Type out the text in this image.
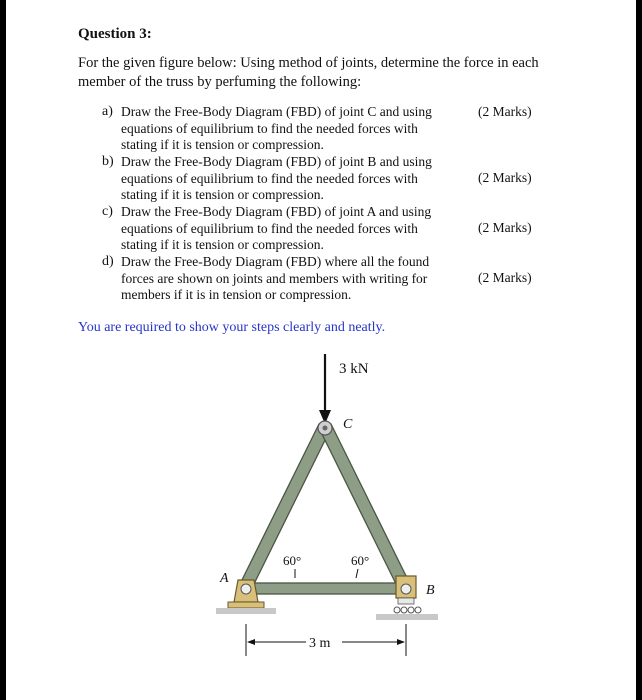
Question 3:
For the given figure below: Using method of joints, determine the force in each member of the truss by perfuming the following:
a) Draw the Free-Body Diagram (FBD) of joint C and using equations of equilibrium to find the needed forces with stating if it is tension or compression.
(2 Marks)
b) Draw the Free-Body Diagram (FBD) of joint B and using equations of equilibrium to find the needed forces with stating if it is tension or compression.
(2 Marks)
c) Draw the Free-Body Diagram (FBD) of joint A and using equations of equilibrium to find the needed forces with stating if it is tension or compression.
(2 Marks)
d) Draw the Free-Body Diagram (FBD) where all the found forces are shown on joints and members with writing for members if it is in tension or compression.
(2 Marks)
You are required to show your steps clearly and neatly.
3 kN
C
A
B
60°	60°
3 m
